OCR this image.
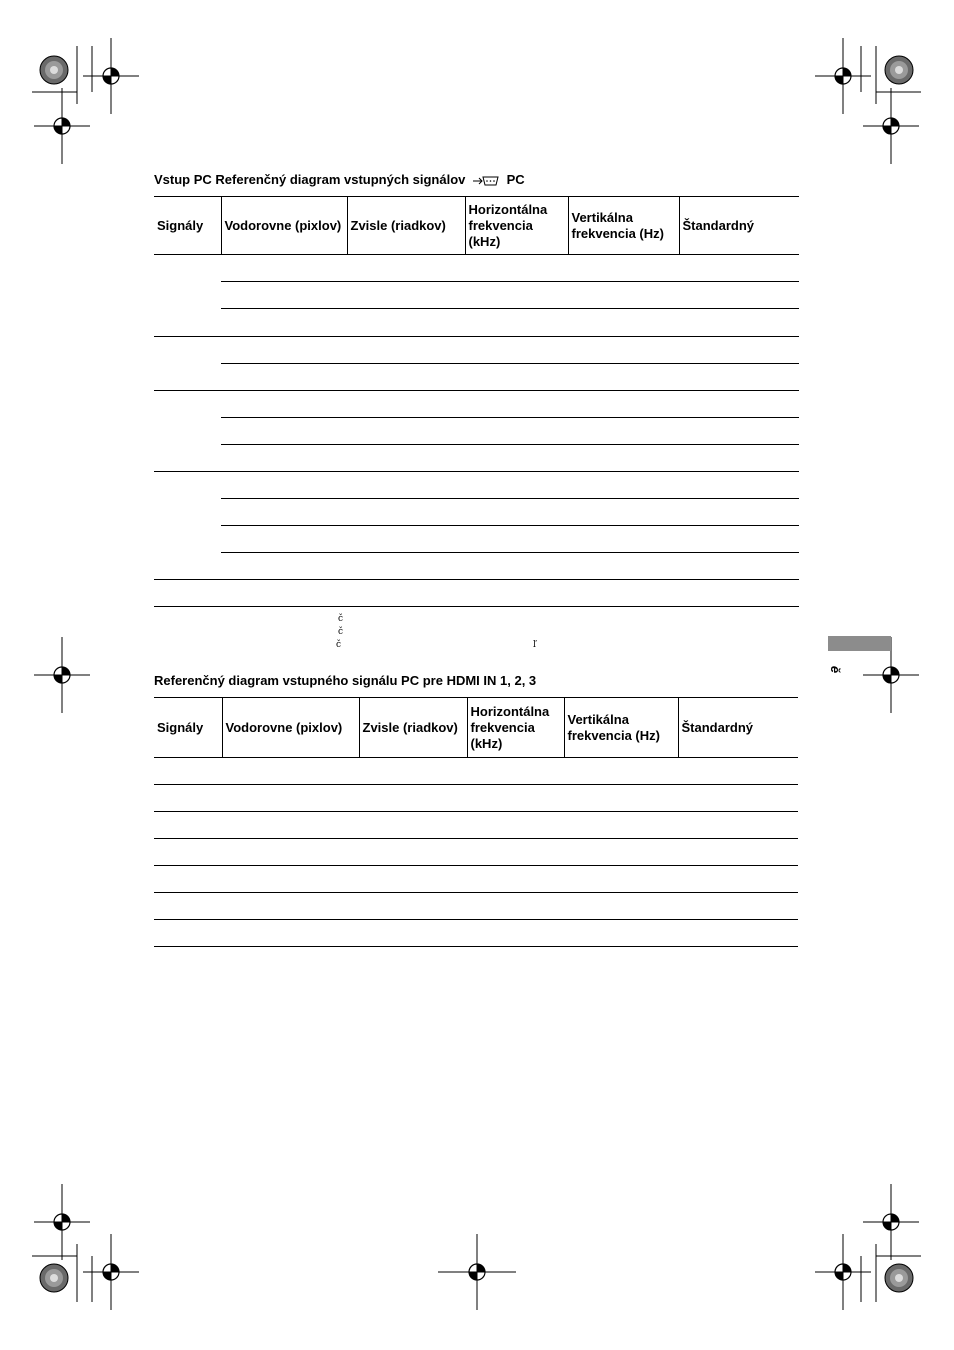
Vstup PC Referenčný diagram vstupných signálov	PC
Signály	Vodorovne (pixlov)	Zvisle (riadkov)	Horizontálna frekvencia (kHz)	Vertikálna frekvencia (Hz)	Štandardný

č
č
č	ľ
Referenčný diagram vstupného signálu PC pre HDMI IN 1, 2, 3
Signály	Vodorovne (pixlov)	Zvisle (riadkov)	Horizontálna frekvencia (kHz)	Vertikálna frekvencia (Hz)	Štandardný

ĕ
